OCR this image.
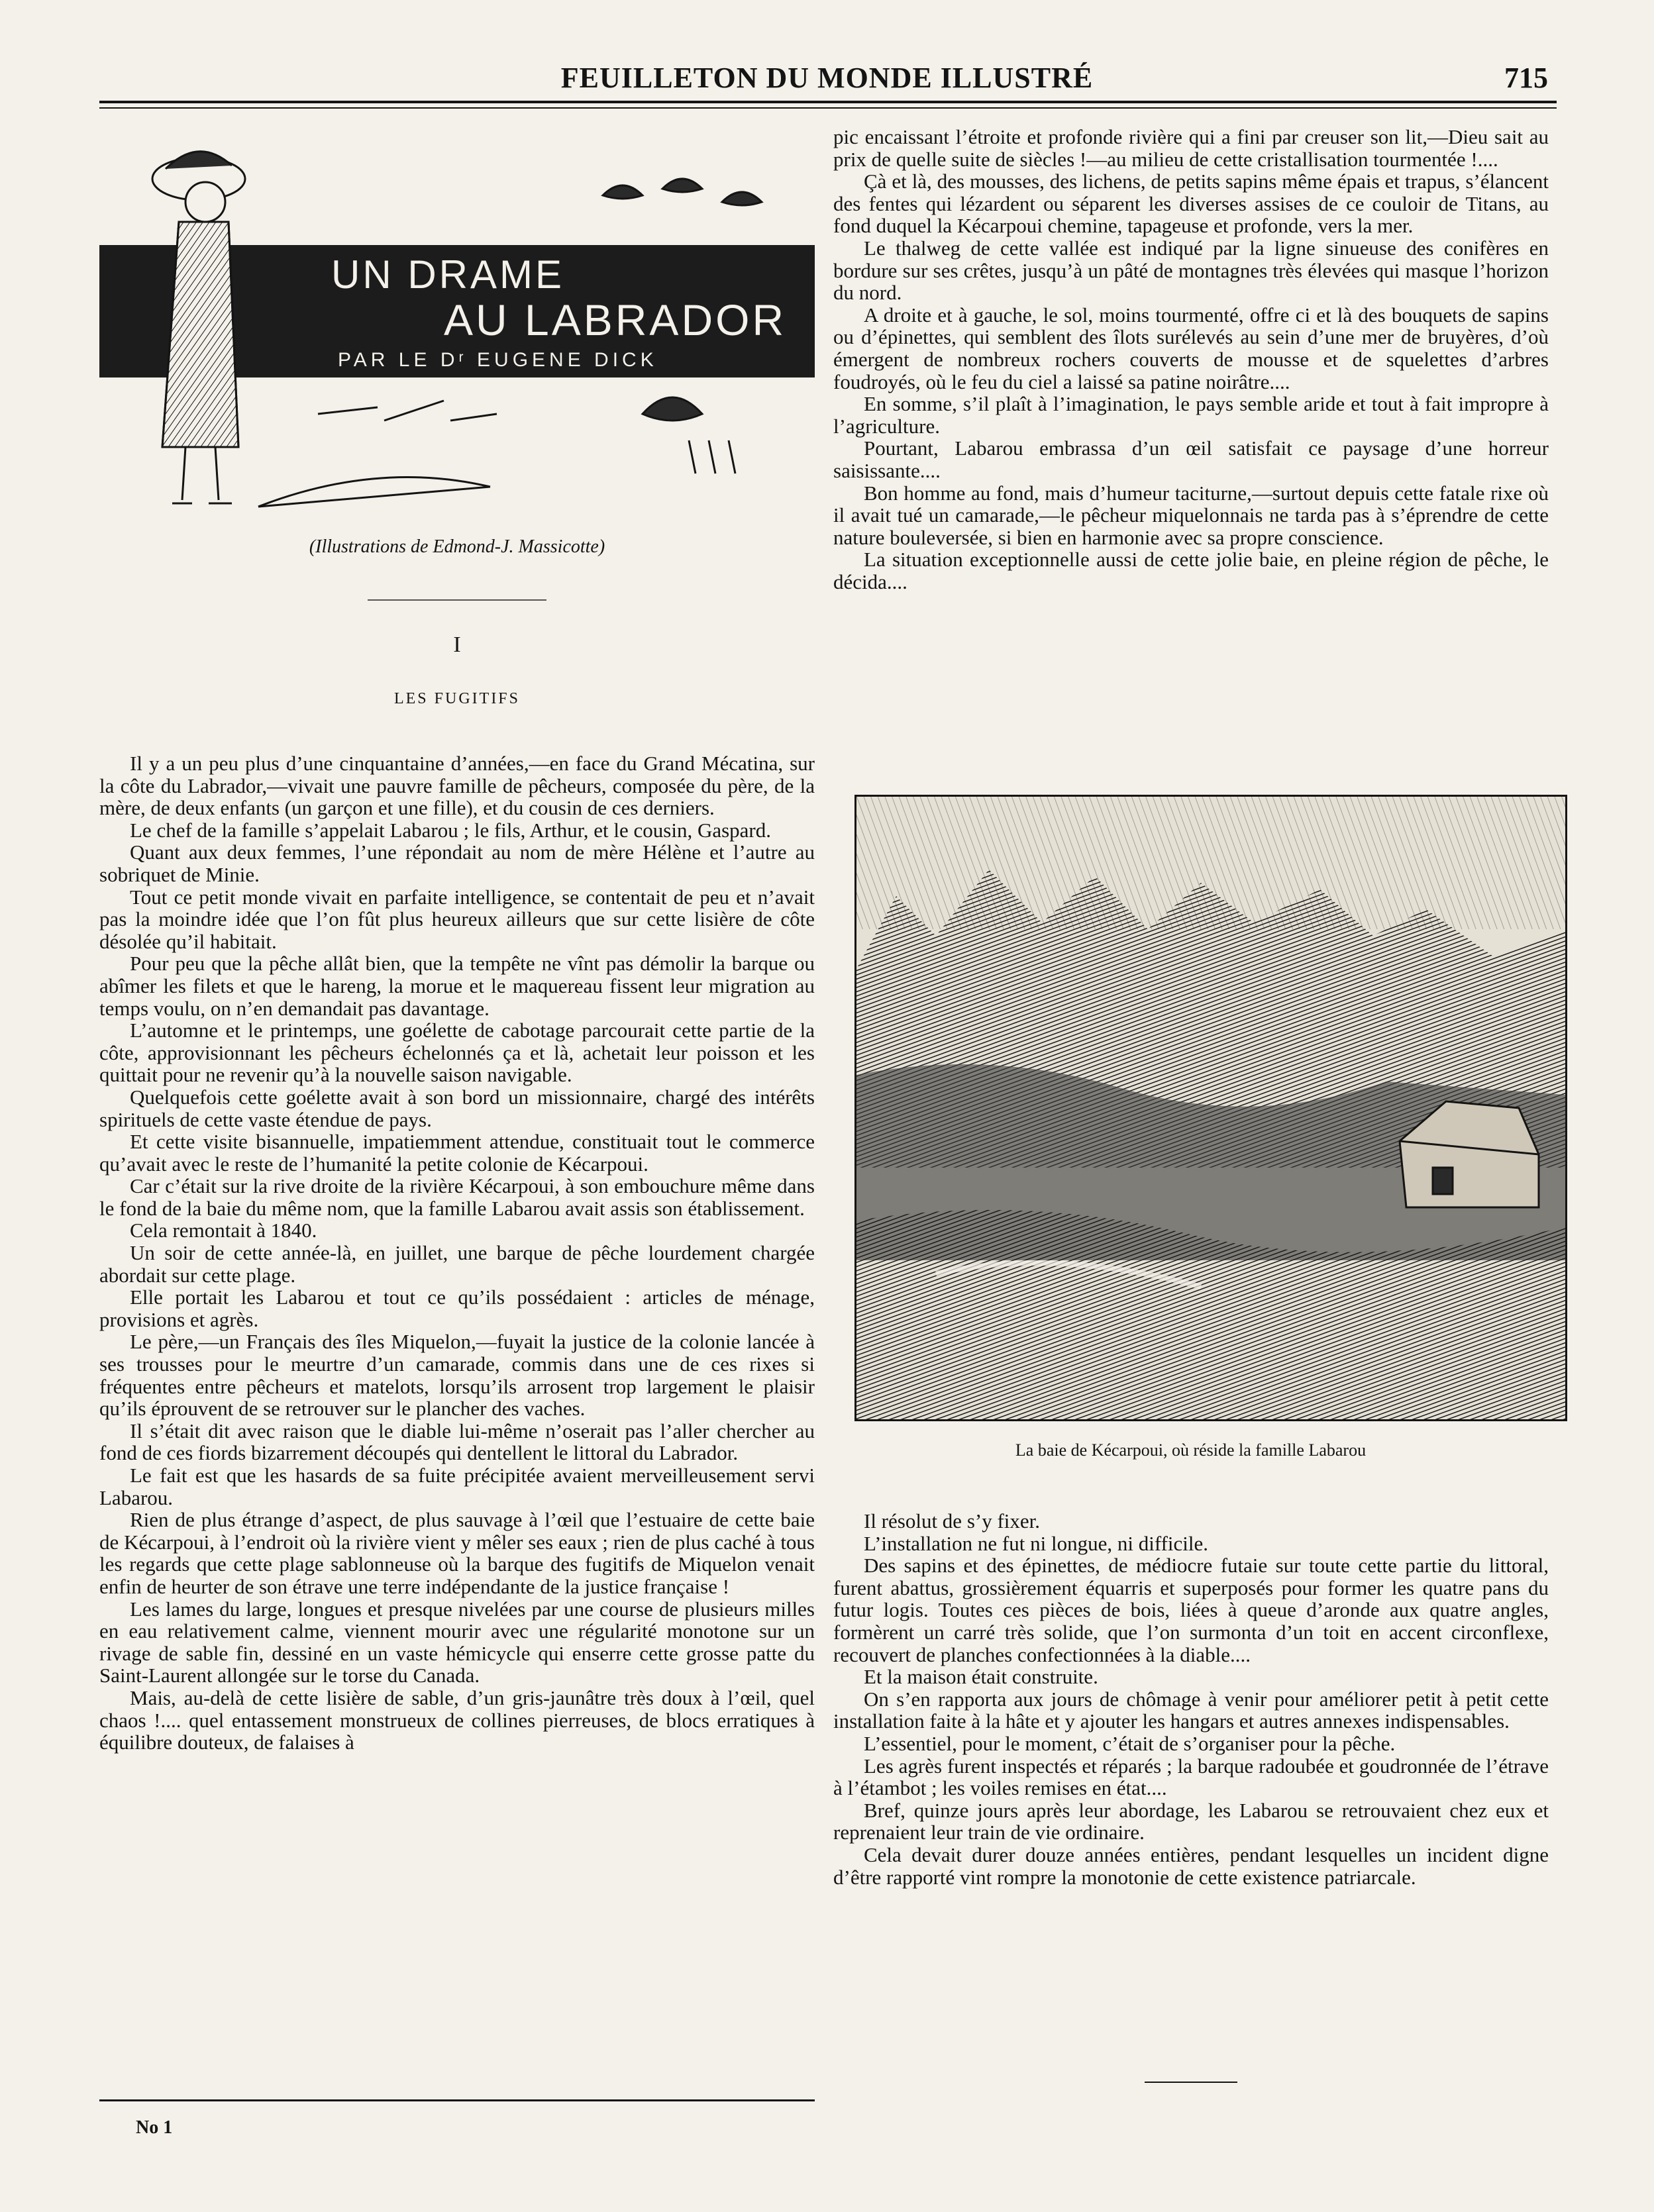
FEUILLETON DU MONDE ILLUSTRÉ	715
UN DRAME
AU LABRADOR
PAR LE Dʳ EUGENE DICK
(Illustrations de Edmond-J. Massicotte)
I
LES FUGITIFS

Il y a un peu plus d’une cinquantaine d’années,—en face du Grand Mécatina, sur la côte du Labrador,—vivait une pauvre famille de pêcheurs, composée du père, de la mère, de deux enfants (un garçon et une fille), et du cousin de ces derniers.

Le chef de la famille s’appelait Labarou ; le fils, Arthur, et le cousin, Gaspard.

Quant aux deux femmes, l’une répondait au nom de mère Hélène et l’autre au sobriquet de Minie.

Tout ce petit monde vivait en parfaite intelligence, se contentait de peu et n’avait pas la moindre idée que l’on fût plus heureux ailleurs que sur cette lisière de côte désolée qu’il habitait.

Pour peu que la pêche allât bien, que la tempête ne vînt pas démolir la barque ou abîmer les filets et que le hareng, la morue et le maquereau fissent leur migration au temps voulu, on n’en demandait pas davantage.

L’automne et le printemps, une goélette de cabotage parcourait cette partie de la côte, approvisionnant les pêcheurs échelonnés ça et là, achetait leur poisson et les quittait pour ne revenir qu’à la nouvelle saison navigable.

Quelquefois cette goélette avait à son bord un missionnaire, chargé des intérêts spirituels de cette vaste étendue de pays.

Et cette visite bisannuelle, impatiemment attendue, constituait tout le commerce qu’avait avec le reste de l’humanité la petite colonie de Kécarpoui.

Car c’était sur la rive droite de la rivière Kécarpoui, à son embouchure même dans le fond de la baie du même nom, que la famille Labarou avait assis son établissement.

Cela remontait à 1840.

Un soir de cette année-là, en juillet, une barque de pêche lourdement chargée abordait sur cette plage.

Elle portait les Labarou et tout ce qu’ils possédaient : articles de ménage, provisions et agrès.

Le père,—un Français des îles Miquelon,—fuyait la justice de la colonie lancée à ses trousses pour le meurtre d’un camarade, commis dans une de ces rixes si fréquentes entre pêcheurs et matelots, lorsqu’ils arrosent trop largement le plaisir qu’ils éprouvent de se retrouver sur le plancher des vaches.

Il s’était dit avec raison que le diable lui-même n’oserait pas l’aller chercher au fond de ces fiords bizarrement découpés qui dentellent le littoral du Labrador.

Le fait est que les hasards de sa fuite précipitée avaient merveilleusement servi Labarou.

Rien de plus étrange d’aspect, de plus sauvage à l’œil que l’estuaire de cette baie de Kécarpoui, à l’endroit où la rivière vient y mêler ses eaux ; rien de plus caché à tous les regards que cette plage sablonneuse où la barque des fugitifs de Miquelon venait enfin de heurter de son étrave une terre indépendante de la justice française !

Les lames du large, longues et presque nivelées par une course de plusieurs milles en eau relativement calme, viennent mourir avec une régularité monotone sur un rivage de sable fin, dessiné en un vaste hémicycle qui enserre cette grosse patte du Saint-Laurent allongée sur le torse du Canada.

Mais, au-delà de cette lisière de sable, d’un gris-jaunâtre très doux à l’œil, quel chaos !.... quel entassement monstrueux de collines pierreuses, de blocs erratiques à équilibre douteux, de falaises à

pic encaissant l’étroite et profonde rivière qui a fini par creuser son lit,—Dieu sait au prix de quelle suite de siècles !—au milieu de cette cristallisation tourmentée !....

Çà et là, des mousses, des lichens, de petits sapins même épais et trapus, s’élancent des fentes qui lézardent ou séparent les diverses assises de ce couloir de Titans, au fond duquel la Kécarpoui chemine, tapageuse et profonde, vers la mer.

Le thalweg de cette vallée est indiqué par la ligne sinueuse des conifères en bordure sur ses crêtes, jusqu’à un pâté de montagnes très élevées qui masque l’horizon du nord.

A droite et à gauche, le sol, moins tourmenté, offre ci et là des bouquets de sapins ou d’épinettes, qui semblent des îlots surélevés au sein d’une mer de bruyères, d’où émergent de nombreux rochers couverts de mousse et de squelettes d’arbres foudroyés, où le feu du ciel a laissé sa patine noirâtre....

En somme, s’il plaît à l’imagination, le pays semble aride et tout à fait impropre à l’agriculture.

Pourtant, Labarou embrassa d’un œil satisfait ce paysage d’une horreur saisissante....

Bon homme au fond, mais d’humeur taciturne,—surtout depuis cette fatale rixe où il avait tué un camarade,—le pêcheur miquelonnais ne tarda pas à s’éprendre de cette nature bouleversée, si bien en harmonie avec sa propre conscience.

La situation exceptionnelle aussi de cette jolie baie, en pleine région de pêche, le décida....

La baie de Kécarpoui, où réside la famille Labarou

Il résolut de s’y fixer.

L’installation ne fut ni longue, ni difficile.

Des sapins et des épinettes, de médiocre futaie sur toute cette partie du littoral, furent abattus, grossièrement équarris et superposés pour former les quatre pans du futur logis. Toutes ces pièces de bois, liées à queue d’aronde aux quatre angles, formèrent un carré très solide, que l’on surmonta d’un toit en accent circonflexe, recouvert de planches confectionnées à la diable....

Et la maison était construite.

On s’en rapporta aux jours de chômage à venir pour améliorer petit à petit cette installation faite à la hâte et y ajouter les hangars et autres annexes indispensables.

L’essentiel, pour le moment, c’était de s’organiser pour la pêche.

Les agrès furent inspectés et réparés ; la barque radoubée et goudronnée de l’étrave à l’étambot ; les voiles remises en état....

Bref, quinze jours après leur abordage, les Labarou se retrouvaient chez eux et reprenaient leur train de vie ordinaire.

Cela devait durer douze années entières, pendant lesquelles un incident digne d’être rapporté vint rompre la monotonie de cette existence patriarcale.

No 1
